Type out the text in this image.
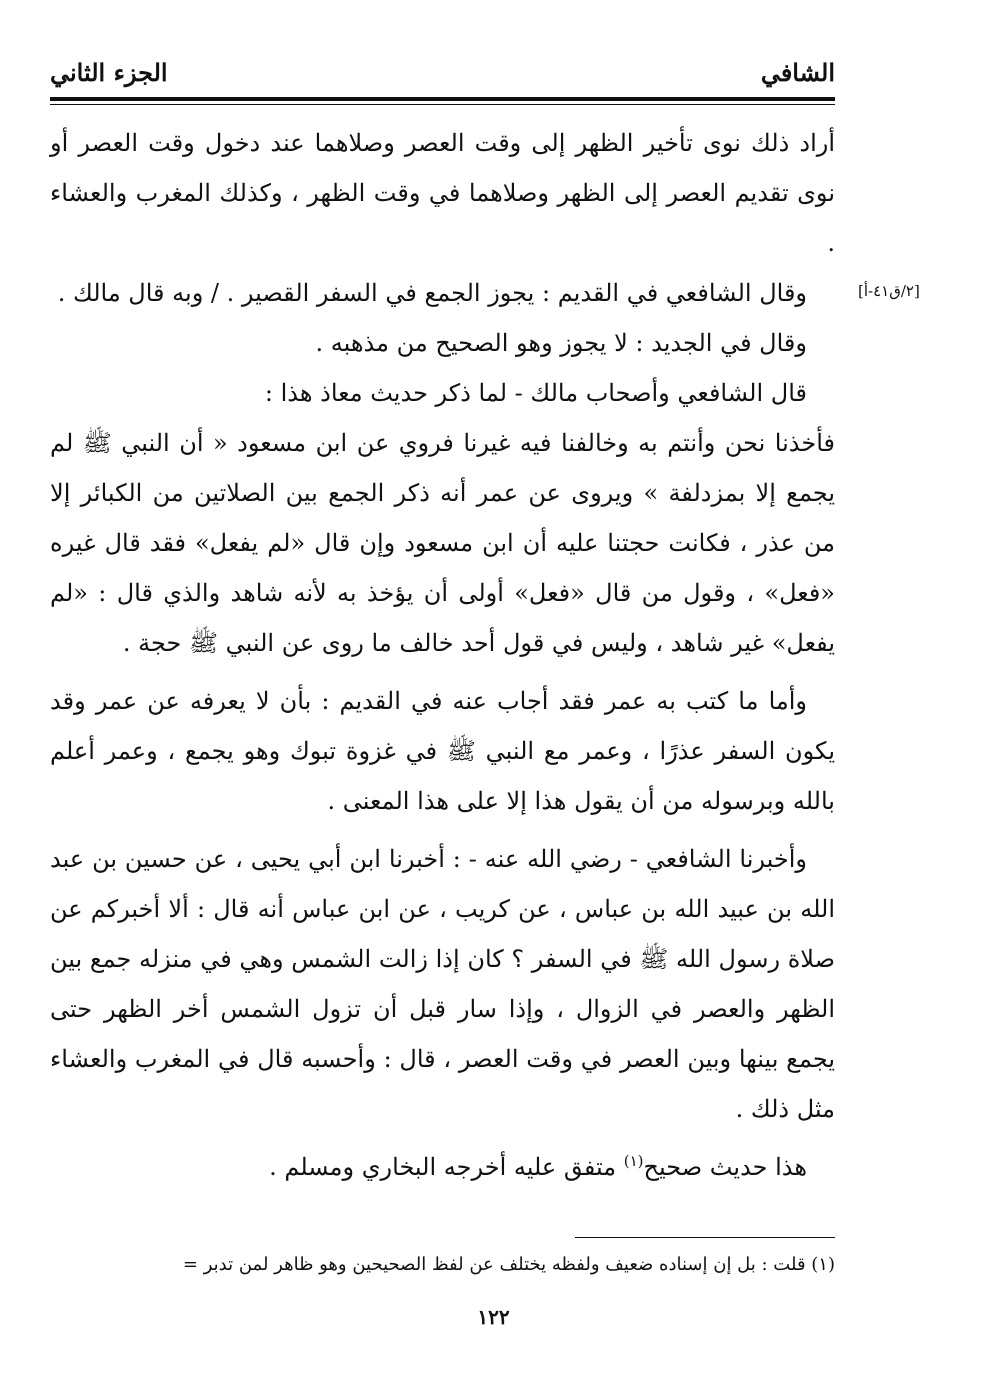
الشافي
الجزء الثاني
[٢/ق٤١-أ]

أراد ذلك نوى تأخير الظهر إلى وقت العصر وصلاهما عند دخول وقت العصر أو نوى تقديم العصر إلى الظهر وصلاهما في وقت الظهر ، وكذلك المغرب والعشاء .

وقال الشافعي في القديم : يجوز الجمع في السفر القصير . / وبه قال مالك .

وقال في الجديد : لا يجوز وهو الصحيح من مذهبه .

قال الشافعي وأصحاب مالك - لما ذكر حديث معاذ هذا :

فأخذنا نحن وأنتم به وخالفنا فيه غيرنا فروي عن ابن مسعود « أن النبي ﷺ لم يجمع إلا بمزدلفة » ويروى عن عمر أنه ذكر الجمع بين الصلاتين من الكبائر إلا من عذر ، فكانت حجتنا عليه أن ابن مسعود وإن قال «لم يفعل» فقد قال غيره «فعل» ، وقول من قال «فعل» أولى أن يؤخذ به لأنه شاهد والذي قال : «لم يفعل» غير شاهد ، وليس في قول أحد خالف ما روى عن النبي ﷺ حجة .

وأما ما كتب به عمر فقد أجاب عنه في القديم : بأن لا يعرفه عن عمر وقد يكون السفر عذرًا ، وعمر مع النبي ﷺ في غزوة تبوك وهو يجمع ، وعمر أعلم بالله وبرسوله من أن يقول هذا إلا على هذا المعنى .

وأخبرنا الشافعي - رضي الله عنه - : أخبرنا ابن أبي يحيى ، عن حسين بن عبد الله بن عبيد الله بن عباس ، عن كريب ، عن ابن عباس أنه قال : ألا أخبركم عن صلاة رسول الله ﷺ في السفر ؟ كان إذا زالت الشمس وهي في منزله جمع بين الظهر والعصر في الزوال ، وإذا سار قبل أن تزول الشمس أخر الظهر حتى يجمع بينها وبين العصر في وقت العصر ، قال : وأحسبه قال في المغرب والعشاء مثل ذلك .

هذا حديث صحيح$^{(١)}$ متفق عليه أخرجه البخاري ومسلم .

(١) قلت : بل إن إسناده ضعيف ولفظه يختلف عن لفظ الصحيحين وهو ظاهر لمن تدبر =
١٢٢
